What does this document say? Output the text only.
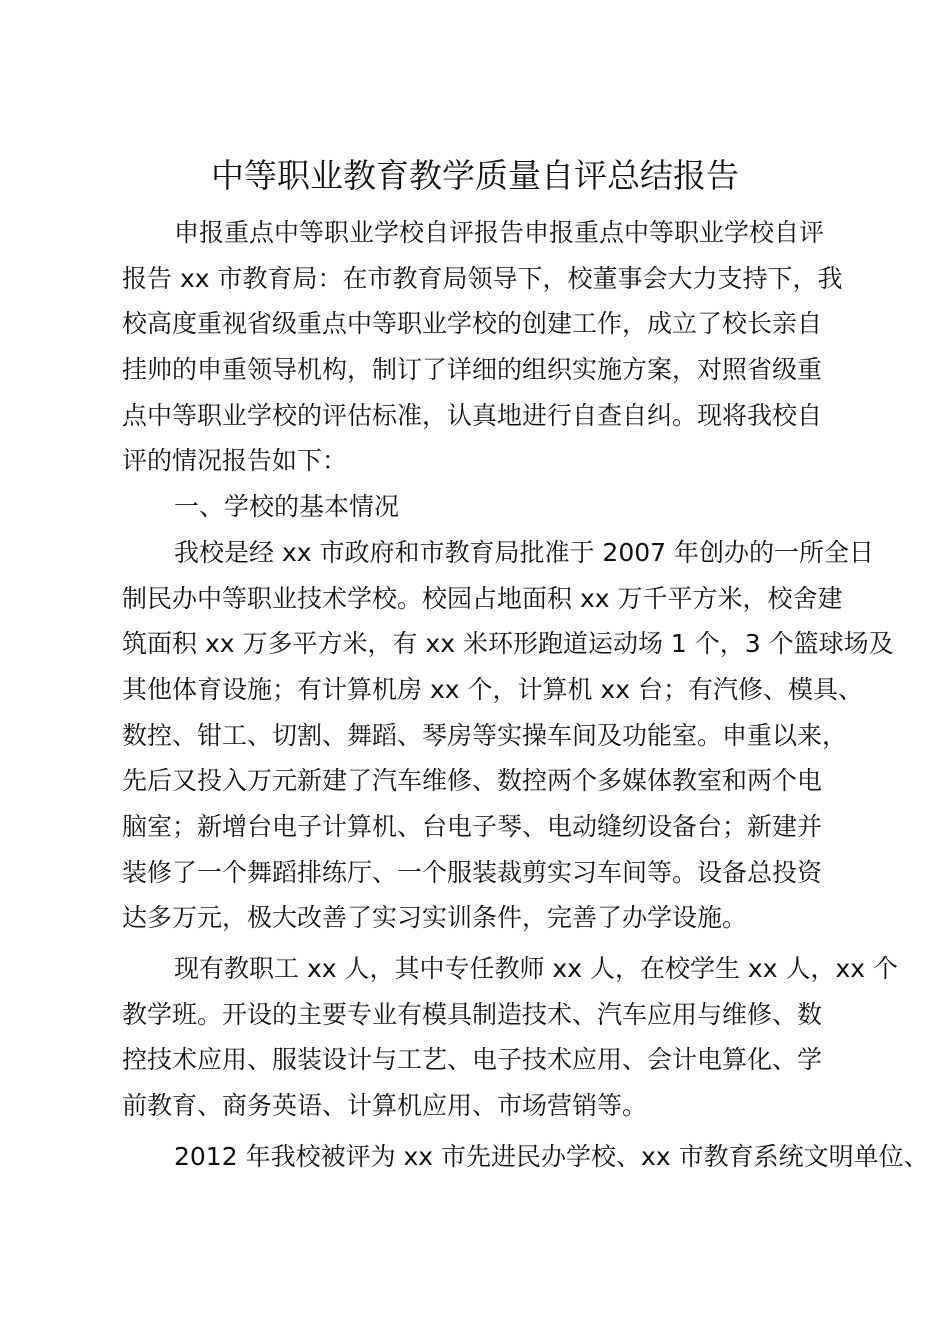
中等职业教育教学质量自评总结报告
申报重点中等职业学校自评报告申报重点中等职业学校自评
报告 xx 市教育局：在市教育局领导下，校董事会大力支持下，我
校高度重视省级重点中等职业学校的创建工作，成立了校长亲自
挂帅的申重领导机构，制订了详细的组织实施方案，对照省级重
点中等职业学校的评估标准，认真地进行自查自纠。现将我校自
评的情况报告如下：
一、学校的基本情况
我校是经 xx 市政府和市教育局批准于 2007 年创办的一所全日
制民办中等职业技术学校。校园占地面积 xx 万千平方米，校舍建
筑面积 xx 万多平方米，有 xx 米环形跑道运动场 1 个，3 个篮球场及
其他体育设施；有计算机房 xx 个，计算机 xx 台；有汽修、模具、
数控、钳工、切割、舞蹈、琴房等实操车间及功能室。申重以来，
先后又投入万元新建了汽车维修、数控两个多媒体教室和两个电
脑室；新增台电子计算机、台电子琴、电动缝纫设备台；新建并
装修了一个舞蹈排练厅、一个服装裁剪实习车间等。设备总投资
达多万元，极大改善了实习实训条件，完善了办学设施。
现有教职工 xx 人，其中专任教师 xx 人，在校学生 xx 人，xx 个
教学班。开设的主要专业有模具制造技术、汽车应用与维修、数
控技术应用、服装设计与工艺、电子技术应用、会计电算化、学
前教育、商务英语、计算机应用、市场营销等。
2012 年我校被评为 xx 市先进民办学校、xx 市教育系统文明单位、
